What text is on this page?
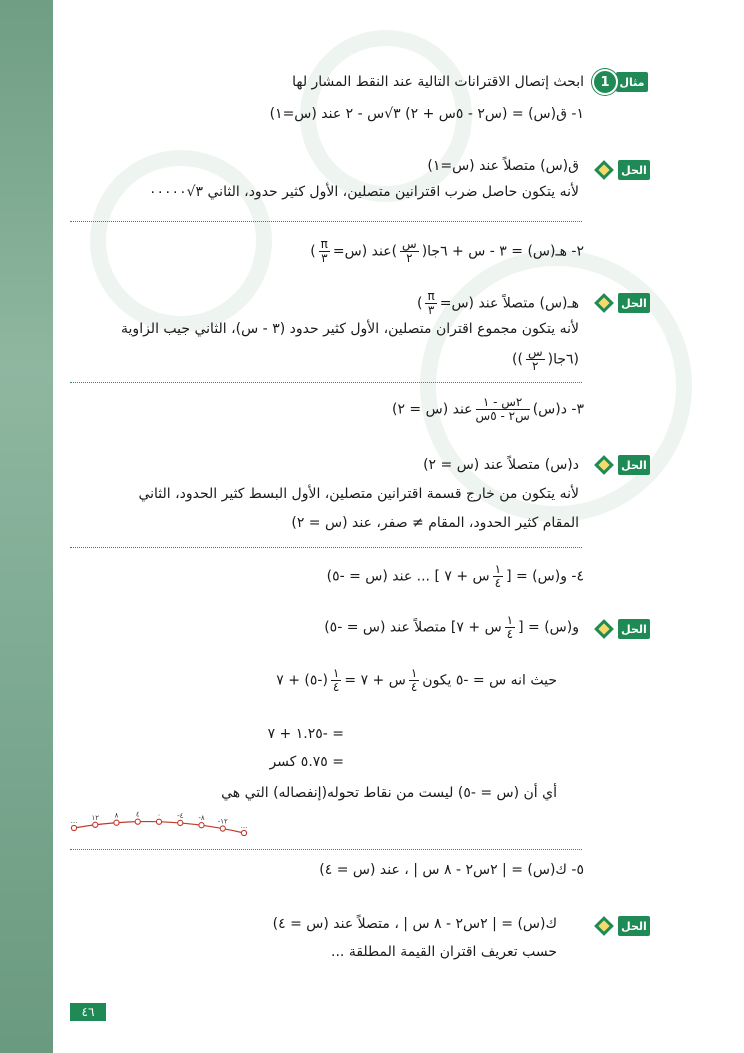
مثال
1
ابحث إتصال الاقترانات التالية عند النقط المشار لها
١- ق(س) = (س٢ - ٥س + ٢) ٣√س - ٢ عند (س=١)
الحل
ق(س) متصلاً عند (س=١)
لأنه يتكون حاصل ضرب اقترانين متصلين، الأول كثير حدود، الثاني ٣√٠٠٠٠٠
٢- هـ(س) = ٣ - س + ٦جا(
$\frac{\text{س}}{٢}$
)عند (س=
$\frac{\pi}{٣}$
)
الحل
هـ(س) متصلاً عند (س=
$\frac{\pi}{٣}$
)
لأنه يتكون مجموع اقتران متصلين، الأول كثير حدود (٣ - س)، الثاني جيب الزاوية
(٦جا(
$\frac{\text{س}}{٢}$
))
٣- د(س)
$\frac{\text{٢س - ١}}{\text{س٢ - ٥س}}$
عند (س = ٢)
الحل
د(س) متصلاً عند (س = ٢)
لأنه يتكون من خارج قسمة اقترانين متصلين، الأول البسط كثير الحدود، الثاني
المقام كثير الحدود، المقام ≠ صفر، عند (س = ٢)
٤- و(س) = [
$\frac{١}{٤}$
س + ٧ ] ... عند (س = -٥)
الحل
و(س) = [
$\frac{١}{٤}$
س + ٧] متصلاً عند (س = -٥)
حيث انه س = -٥ يكون
$\frac{١}{٤}$
س + ٧ =
$\frac{١}{٤}$
(-٥) + ٧
= -١.٢٥ + ٧
= ٥.٧٥ كسر
أي أن (س = -٥) ليست من نقاط تحوله(إنفصاله) التي هي
... ١٢ ٨ ٤ ٠ -٤ -٨ -١٢
...
٥- ك(س) = | ٢س٢ - ٨ س | ، عند (س = ٤)
الحل
ك(س) = | ٢س٢ - ٨ س | ، متصلاً عند (س = ٤)
حسب تعريف اقتران القيمة المطلقة ...
٤٦
